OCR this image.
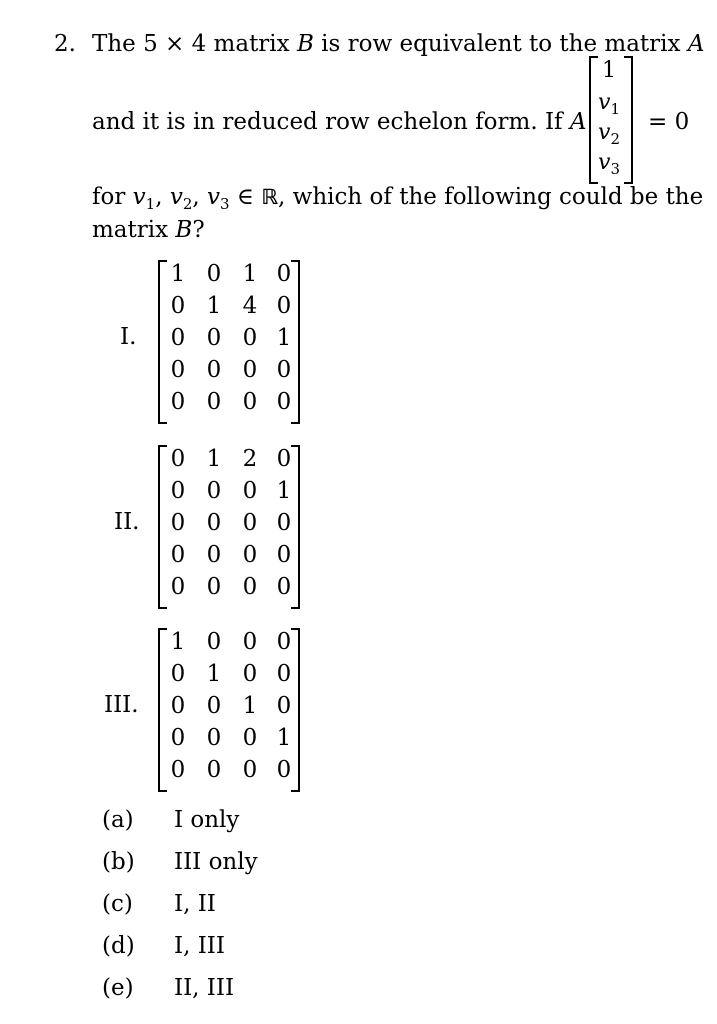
2. The 5 × 4 matrix B is row equivalent to the matrix A
and it is in reduced row echelon form. If A
1
$v_1$
$v_2$
$v_3$
= 0
for $v_1$, $v_2$, $v_3$ ∈ ℝ, which of the following could be the
matrix B?
I.
1 0 1 0
0 1 4 0
0 0 0 1
0 0 0 0
0 0 0 0
II.
0 1 2 0
0 0 0 1
0 0 0 0
0 0 0 0
0 0 0 0
III.
1 0 0 0
0 1 0 0
0 0 1 0
0 0 0 1
0 0 0 0
(a) I only
(b) III only
(c) I, II
(d) I, III
(e) II, III
